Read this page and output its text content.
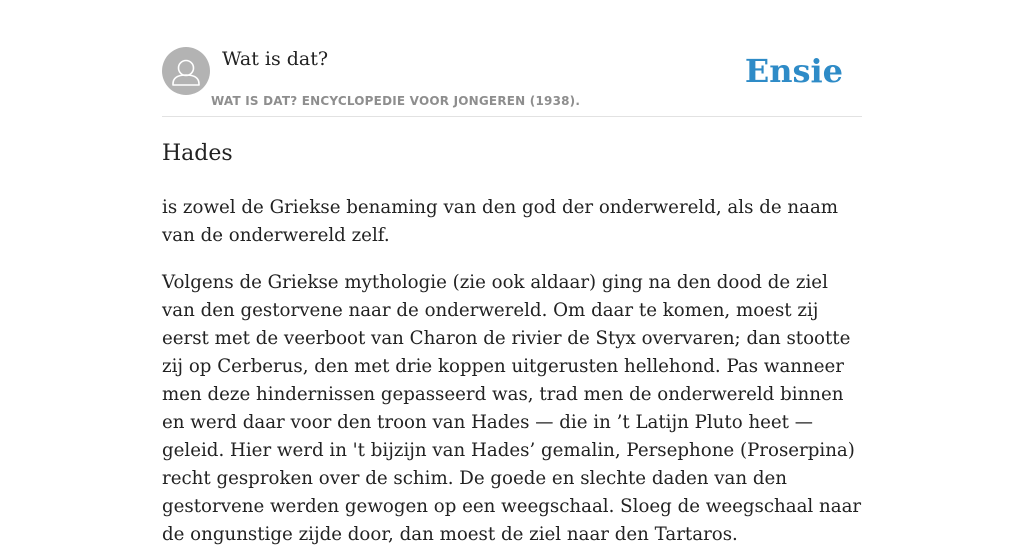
Wat is dat?
WAT IS DAT? ENCYCLOPEDIE VOOR JONGEREN (1938).
Ensie
Hades

is zowel de Griekse benaming van den god der onderwereld, als de naam van de onderwereld zelf.

Volgens de Griekse mythologie (zie ook aldaar) ging na den dood de ziel van den gestorvene naar de onderwereld. Om daar te komen, moest zij eerst met de veerboot van Charon de rivier de Styx overvaren; dan stootte zij op Cerberus, den met drie koppen uitgerusten hellehond. Pas wanneer men deze hindernissen gepasseerd was, trad men de onderwereld binnen en werd daar voor den troon van Hades — die in ’t Latijn Pluto heet — geleid. Hier werd in 't bijzijn van Hades’ gemalin, Persephone (Proserpina) recht gesproken over de schim. De goede en slechte daden van den gestorvene werden gewogen op een weegschaal. Sloeg de weegschaal naar de ongunstige zijde door, dan moest de ziel naar den Tartaros.
